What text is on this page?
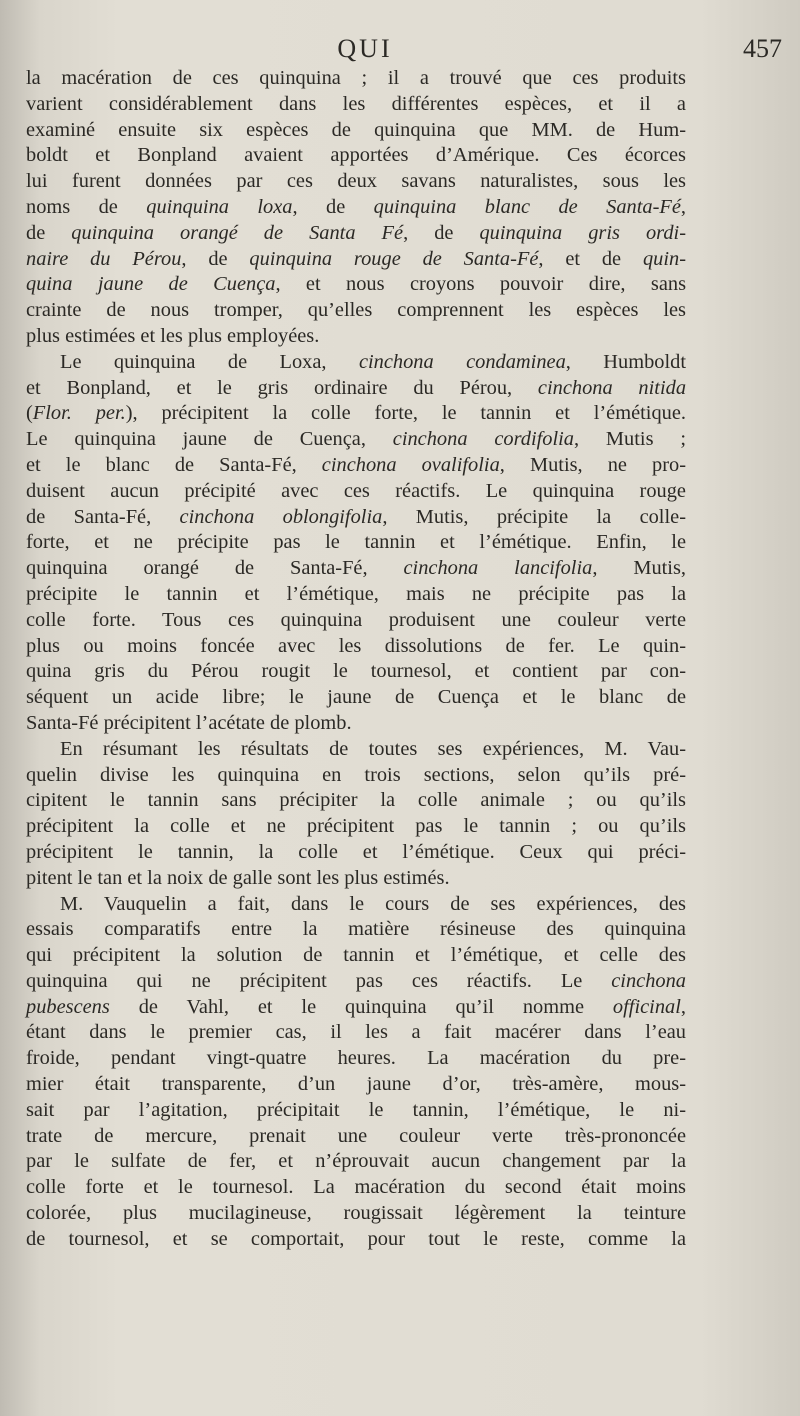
QUI	457

la macération de ces quinquina ; il a trouvé que ces produits
varient considérablement dans les différentes espèces, et il a
examiné ensuite six espèces de quinquina que MM. de Hum-
boldt et Bonpland avaient apportées d’Amérique. Ces écorces
lui furent données par ces deux savans naturalistes, sous les
noms de quinquina loxa, de quinquina blanc de Santa-Fé,
de quinquina orangé de Santa Fé, de quinquina gris ordi-
naire du Pérou, de quinquina rouge de Santa-Fé, et de quin-
quina jaune de Cuença, et nous croyons pouvoir dire, sans
crainte de nous tromper, qu’elles comprennent les espèces les
plus estimées et les plus employées.

Le quinquina de Loxa, cinchona condaminea, Humboldt
et Bonpland, et le gris ordinaire du Pérou, cinchona nitida
(Flor. per.), précipitent la colle forte, le tannin et l’émétique.
Le quinquina jaune de Cuença, cinchona cordifolia, Mutis ;
et le blanc de Santa-Fé, cinchona ovalifolia, Mutis, ne pro-
duisent aucun précipité avec ces réactifs. Le quinquina rouge
de Santa-Fé, cinchona oblongifolia, Mutis, précipite la colle-
forte, et ne précipite pas le tannin et l’émétique. Enfin, le
quinquina orangé de Santa-Fé, cinchona lancifolia, Mutis,
précipite le tannin et l’émétique, mais ne précipite pas la
colle forte. Tous ces quinquina produisent une couleur verte
plus ou moins foncée avec les dissolutions de fer. Le quin-
quina gris du Pérou rougit le tournesol, et contient par con-
séquent un acide libre; le jaune de Cuença et le blanc de
Santa-Fé précipitent l’acétate de plomb.

En résumant les résultats de toutes ses expériences, M. Vau-
quelin divise les quinquina en trois sections, selon qu’ils pré-
cipitent le tannin sans précipiter la colle animale ; ou qu’ils
précipitent la colle et ne précipitent pas le tannin ; ou qu’ils
précipitent le tannin, la colle et l’émétique. Ceux qui préci-
pitent le tan et la noix de galle sont les plus estimés.

M. Vauquelin a fait, dans le cours de ses expériences, des
essais comparatifs entre la matière résineuse des quinquina
qui précipitent la solution de tannin et l’émétique, et celle des
quinquina qui ne précipitent pas ces réactifs. Le cinchona
pubescens de Vahl, et le quinquina qu’il nomme officinal,
étant dans le premier cas, il les a fait macérer dans l’eau
froide, pendant vingt-quatre heures. La macération du pre-
mier était transparente, d’un jaune d’or, très-amère, mous-
sait par l’agitation, précipitait le tannin, l’émétique, le ni-
trate de mercure, prenait une couleur verte très-prononcée
par le sulfate de fer, et n’éprouvait aucun changement par la
colle forte et le tournesol. La macération du second était moins
colorée, plus mucilagineuse, rougissait légèrement la teinture
de tournesol, et se comportait, pour tout le reste, comme la
